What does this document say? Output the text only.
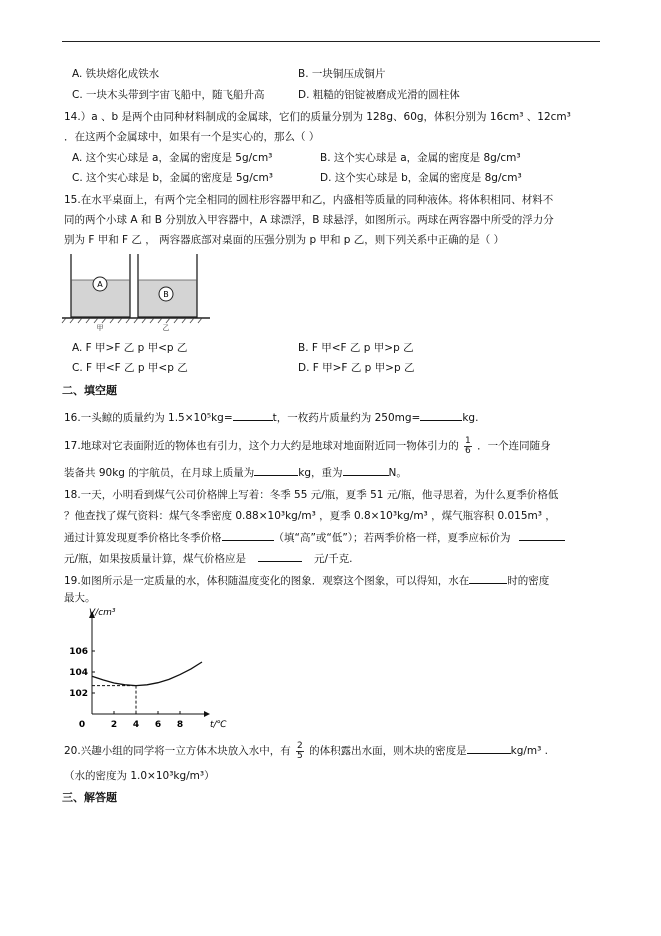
A. 铁块熔化成铁水	B. 一块铜压成铜片
C. 一块木头带到宇宙飞船中，随飞船升高	D. 粗糙的铝锭被磨成光滑的圆柱体
14.）a 、b 是两个由同种材料制成的金属球，它们的质量分别为 128g、60g，体积分别为 16cm³ 、12cm³
．在这两个金属球中，如果有一个是实心的，那么（ ）
A. 这个实心球是 a，金属的密度是 5g/cm³	B. 这个实心球是 a，金属的密度是 8g/cm³
C. 这个实心球是 b，金属的密度是 5g/cm³	D. 这个实心球是 b，金属的密度是 8g/cm³
15.在水平桌面上，有两个完全相同的圆柱形容器甲和乙，内盛相等质量的同种液体。将体积相同、材料不
同的两个小球 A 和 B 分别放入甲容器中，A 球漂浮，B 球悬浮，如图所示。两球在两容器中所受的浮力分
别为 F 甲和 F 乙 ， 两容器底部对桌面的压强分别为 p 甲和 p 乙，则下列关系中正确的是（ ）
A
B
甲	乙
A. F 甲>F 乙 p 甲<p 乙	B. F 甲<F 乙 p 甲>p 乙
C. F 甲<F 乙 p 甲<p 乙	D. F 甲>F 乙 p 甲>p 乙
二、填空题
16.一头鲸的质量约为 1.5×10⁵kg=	t，一枚药片质量约为 250mg=	kg.
17.地球对它表面附近的物体也有引力，这个力大约是地球对地面附近同一物体引力的 $\frac{1}{6}$ ．一个连同随身
装备共 90kg 的宇航员，在月球上质量为	kg，重为	N。
18.一天，小明看到煤气公司价格牌上写着：冬季 55 元/瓶，夏季 51 元/瓶，他寻思着，为什么夏季价格低
？他查找了煤气资料：煤气冬季密度 0.88×10³kg/m³ ，夏季 0.8×10³kg/m³ ，煤气瓶容积 0.015m³ ，
通过计算发现夏季价格比冬季价格	（填“高”或“低”）；若两季价格一样，夏季应标价为
元/瓶，如果按质量计算，煤气价格应是	元/千克.
19.如图所示是一定质量的水，体积随温度变化的图象．观察这个图象，可以得知，水在	时的密度
最大。
V/cm³
t/℃
0	2 4 6 8
102
104
106
20.兴趣小组的同学将一立方体木块放入水中，有 $\frac{2}{5}$ 的体积露出水面，则木块的密度是	kg/m³ .
（水的密度为 1.0×10³kg/m³）
三、解答题
